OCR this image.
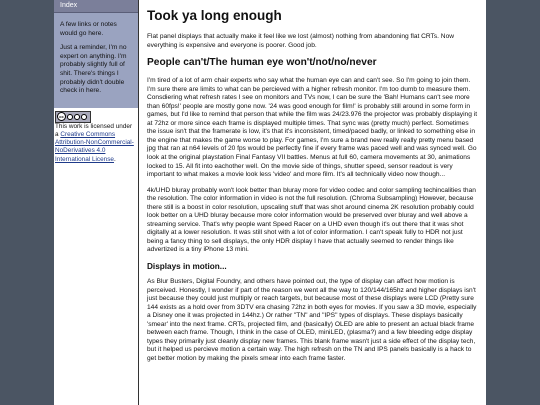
Index

A few links or notes would go here.

Just a reminder, I'm no expert on anything. I'm probably slightly full of shit. There's things I probably didn't double check in here.

cc
This work is licensed under a Creative Commons Attribution-NonCommercial-NoDerivatives 4.0 International License.
Took ya long enough

Flat panel displays that actually make it feel like we lost (almost) nothing from abandoning flat CRTs. Now everything is expensive and everyone is poorer. Good job.

People can't/The human eye won't/not/no/never

I'm tired of a lot of arm chair experts who say what the human eye can and can't see. So I'm going to join them. I'm sure there are limits to what can be percieved with a higher refresh monitor. I'm too dumb to measure them. Consdiering what refresh rates I see on monitors and TVs now, I can be sure the 'Bah! Humans can't see more than 60fps!' people are mostly gone now. '24 was good enough for film!' is probably still around in some form in games, but I'd like to remind that person that while the film was 24/23.976 the projector was probably displaying it at 72hz or more since each frame is displayed multiple times. That sync was (pretty much) perfect. Sometimes the issue isn't that the framerate is low, it's that it's inconsistent, timed/paced badly, or linked to something else in the engine that makes the game worse to play. For games, I'm sure a brand new really really pretty menu based jpg that ran at n64 levels of 20 fps would be perfectly fine if every frame was paced well and was synced well. Go look at the original playstation Final Fantasy VII battles. Menus at full 60, camera movements at 30, animations locked to 15. All fit into eachother well. On the movie side of things, shutter speed, sensor readout is very important to what makes a movie look less 'video' and more film. It's all technically video now though...

4k/UHD bluray probably won't look better than bluray more for video codec and color sampling techincalities than the resolution. The color information in video is not the full resolution. (Chroma Subsampling) However, because there still is a boost in color resolution, upscaling stuff that was shot around cinema 2K resolution probably could look better on a UHD bluray because more color information would be preserved over bluray and well above a streaming service. That's why people want Speed Racer on a UHD even though it's out there that it was shot digitally at a lower resolution. It was still shot with a lot of color information. I can't speak fully to HDR not just being a fancy thing to sell displays, the only HDR display I have that actually seemed to render things like advertized is a tiny iPhone 13 mini.

Displays in motion...

As Blur Busters, Digital Foundry, and others have pointed out, the type of display can affect how motion is perceived. Honestly, I wonder if part of the reason we went all the way to 120/144/165hz and higher displays isn't just because they could just multiply or reach targets, but because most of these displays were LCD (Pretty sure 144 exists as a hold over from 3DTV era chasing 72hz in both eyes for movies. If you saw a 3D movie, especially a Disney one it was projected in 144hz.) Or rather "TN" and "IPS" types of displays. These displays basically 'smear' into the next frame. CRTs, projected film, and (basically) OLED are able to present an actual black frame between each frame. Though, I think in the case of OLED, miniLED, (plasma?) and a few bleeding edge display types they primarily just cleanly display new frames. This blank frame wasn't just a side effect of the display tech, but it helped us percieve motion a certain way. The high refresh on the TN and IPS panels basically is a hack to get better motion by making the pixels smear into each frame faster.
